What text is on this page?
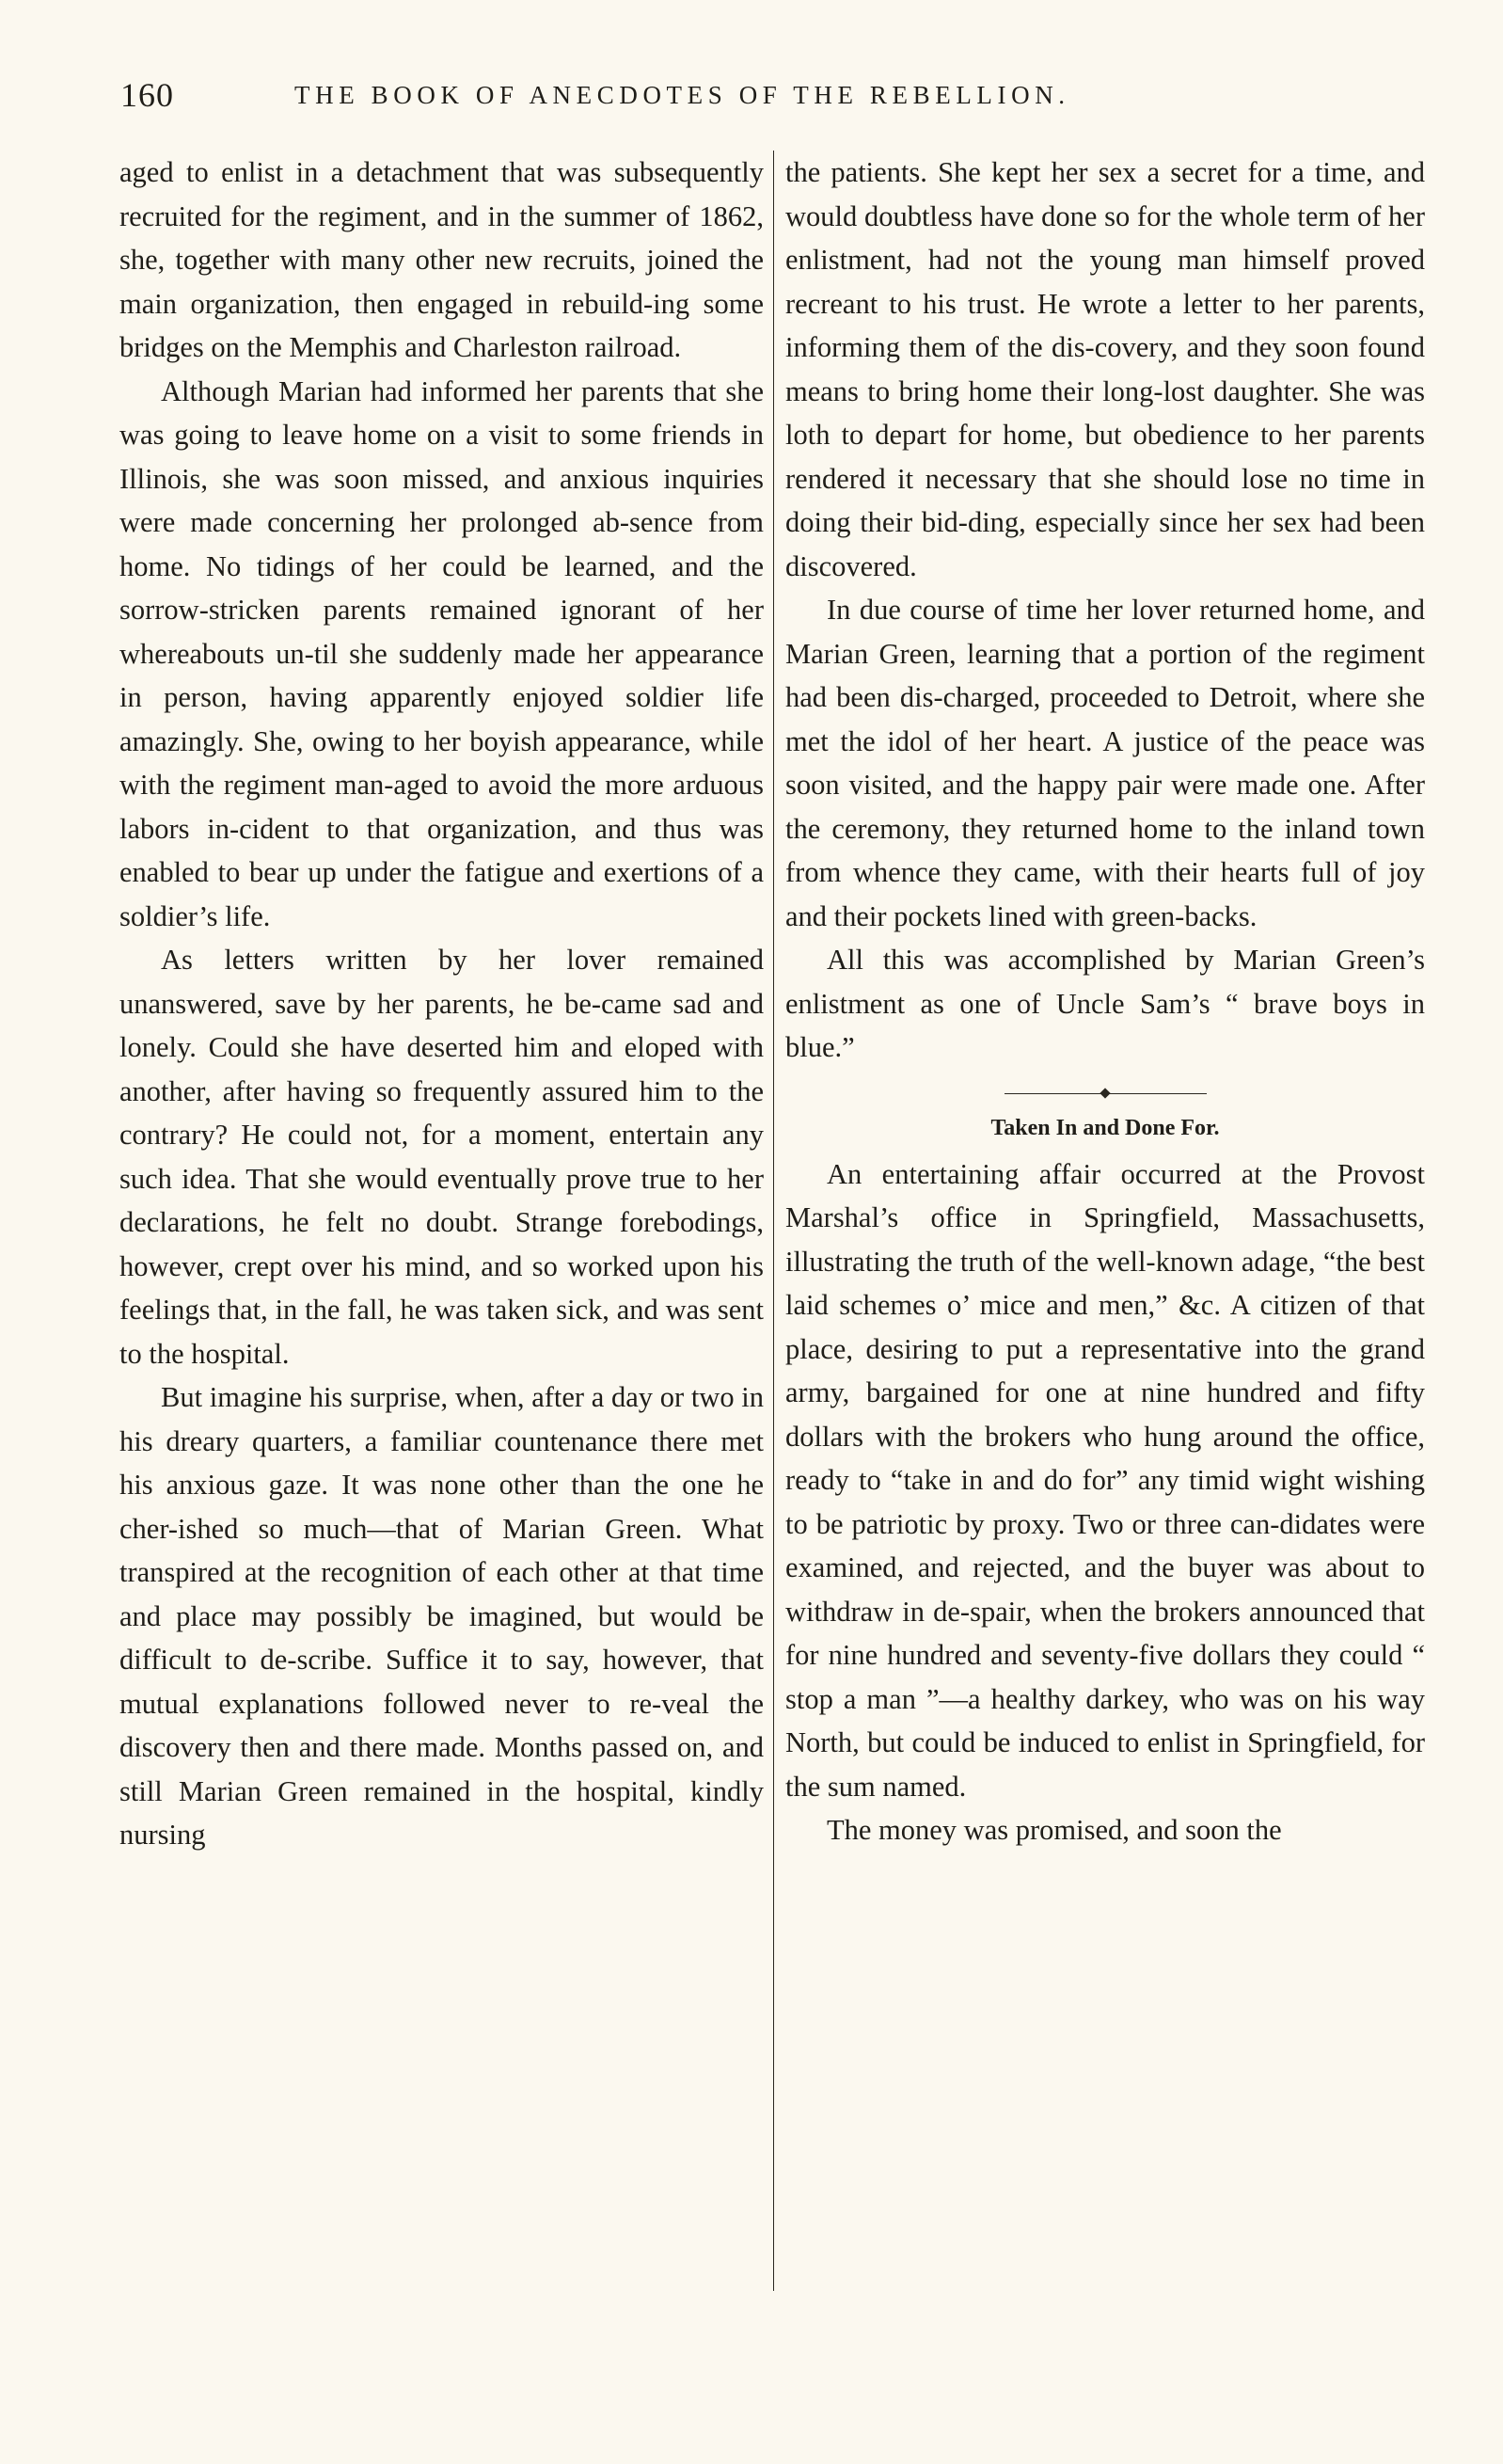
160	THE BOOK OF ANECDOTES OF THE REBELLION.

aged to enlist in a detachment that was subsequently recruited for the regiment, and in the summer of 1862, she, together with many other new recruits, joined the main organization, then engaged in rebuild-ing some bridges on the Memphis and Charleston railroad.

Although Marian had informed her parents that she was going to leave home on a visit to some friends in Illinois, she was soon missed, and anxious inquiries were made concerning her prolonged ab-sence from home. No tidings of her could be learned, and the sorrow-stricken parents remained ignorant of her whereabouts un-til she suddenly made her appearance in person, having apparently enjoyed soldier life amazingly. She, owing to her boyish appearance, while with the regiment man-aged to avoid the more arduous labors in-cident to that organization, and thus was enabled to bear up under the fatigue and exertions of a soldier’s life.

As letters written by her lover remained unanswered, save by her parents, he be-came sad and lonely. Could she have deserted him and eloped with another, after having so frequently assured him to the contrary? He could not, for a moment, entertain any such idea. That she would eventually prove true to her declarations, he felt no doubt. Strange forebodings, however, crept over his mind, and so worked upon his feelings that, in the fall, he was taken sick, and was sent to the hospital.

But imagine his surprise, when, after a day or two in his dreary quarters, a familiar countenance there met his anxious gaze. It was none other than the one he cher-ished so much—that of Marian Green. What transpired at the recognition of each other at that time and place may possibly be imagined, but would be difficult to de-scribe. Suffice it to say, however, that mutual explanations followed never to re-veal the discovery then and there made. Months passed on, and still Marian Green remained in the hospital, kindly nursing

the patients. She kept her sex a secret for a time, and would doubtless have done so for the whole term of her enlistment, had not the young man himself proved recreant to his trust. He wrote a letter to her parents, informing them of the dis-covery, and they soon found means to bring home their long-lost daughter. She was loth to depart for home, but obedience to her parents rendered it necessary that she should lose no time in doing their bid-ding, especially since her sex had been discovered.

In due course of time her lover returned home, and Marian Green, learning that a portion of the regiment had been dis-charged, proceeded to Detroit, where she met the idol of her heart. A justice of the peace was soon visited, and the happy pair were made one. After the ceremony, they returned home to the inland town from whence they came, with their hearts full of joy and their pockets lined with green-backs.

All this was accomplished by Marian Green’s enlistment as one of Uncle Sam’s “ brave boys in blue.”

Taken In and Done For.

An entertaining affair occurred at the Provost Marshal’s office in Springfield, Massachusetts, illustrating the truth of the well-known adage, “the best laid schemes o’ mice and men,” &c. A citizen of that place, desiring to put a representative into the grand army, bargained for one at nine hundred and fifty dollars with the brokers who hung around the office, ready to “take in and do for” any timid wight wishing to be patriotic by proxy. Two or three can-didates were examined, and rejected, and the buyer was about to withdraw in de-spair, when the brokers announced that for nine hundred and seventy-five dollars they could “ stop a man ”—a healthy darkey, who was on his way North, but could be induced to enlist in Springfield, for the sum named.

The money was promised, and soon the
